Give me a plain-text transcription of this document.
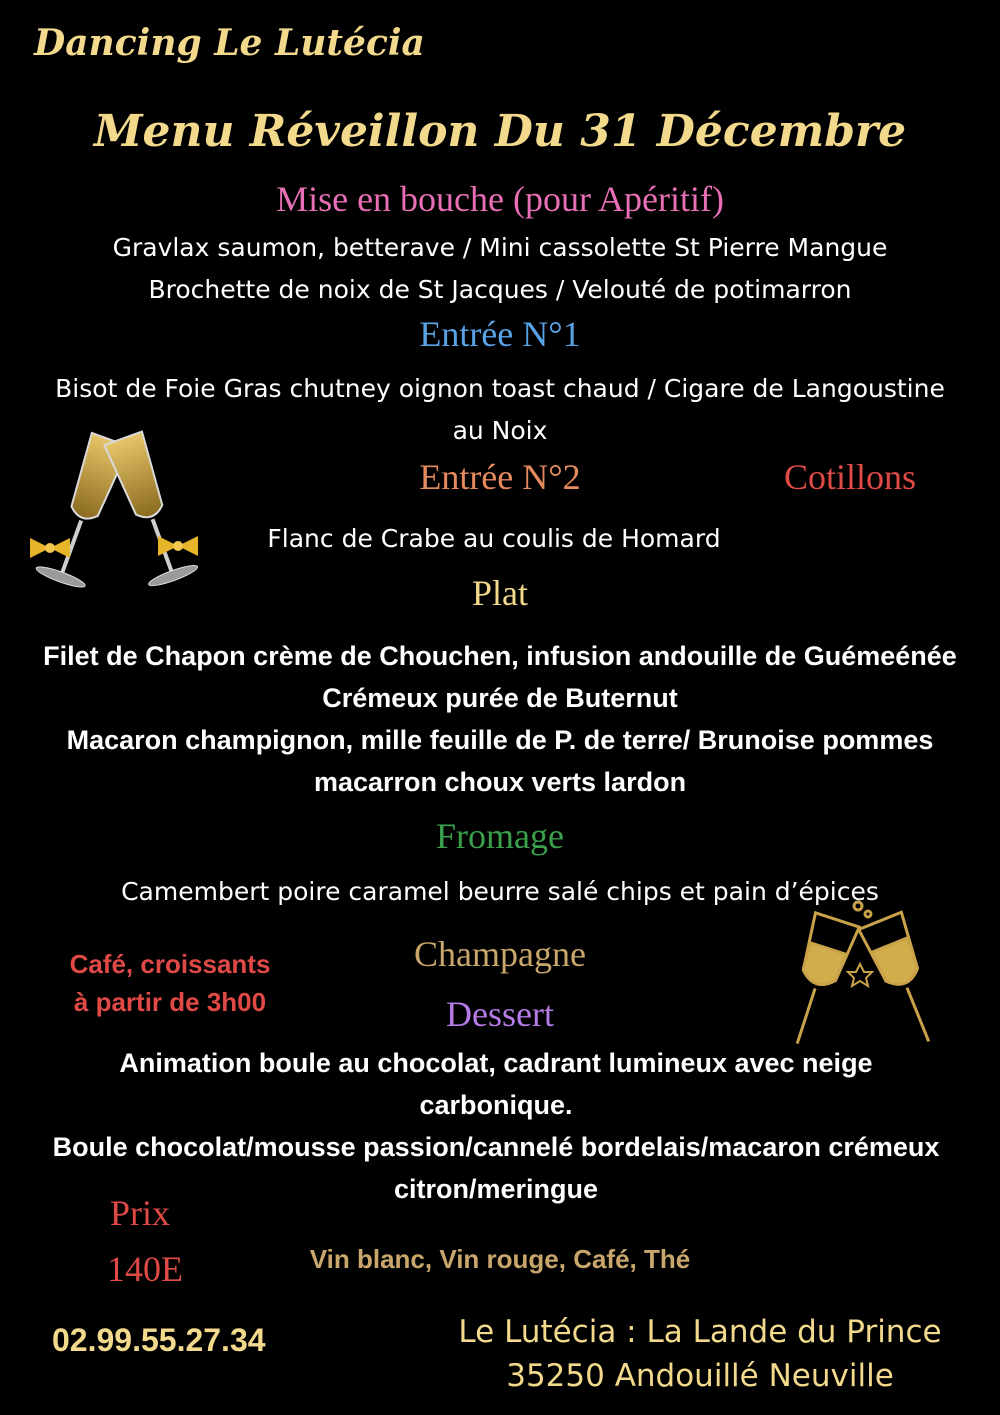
Dancing Le Lutécia
Menu Réveillon Du 31 Décembre
Mise en bouche (pour Apéritif)
Gravlax saumon, betterave / Mini cassolette St Pierre Mangue
Brochette de noix de St Jacques / Velouté de potimarron
Entrée N°1
Bisot de Foie Gras chutney oignon toast chaud / Cigare de Langoustine
au Noix
Entrée N°2	Cotillons
Flanc de Crabe au coulis de Homard
Plat
Filet de Chapon crème de Chouchen, infusion andouille de Guémeénée
Crémeux purée de Buternut
Macaron champignon, mille feuille de P. de terre/ Brunoise pommes
macarron choux verts lardon
Fromage
Camembert poire caramel beurre salé chips et pain d’épices
Café, croissants
à partir de 3h00
Champagne
Dessert
Animation boule au chocolat, cadrant lumineux avec neige
carbonique.
Boule chocolat/mousse passion/cannelé bordelais/macaron crémeux
citron/meringue
Prix
140E	Vin blanc, Vin rouge, Café, Thé
02.99.55.27.34	Le Lutécia : La Lande du Prince
35250 Andouillé Neuville
